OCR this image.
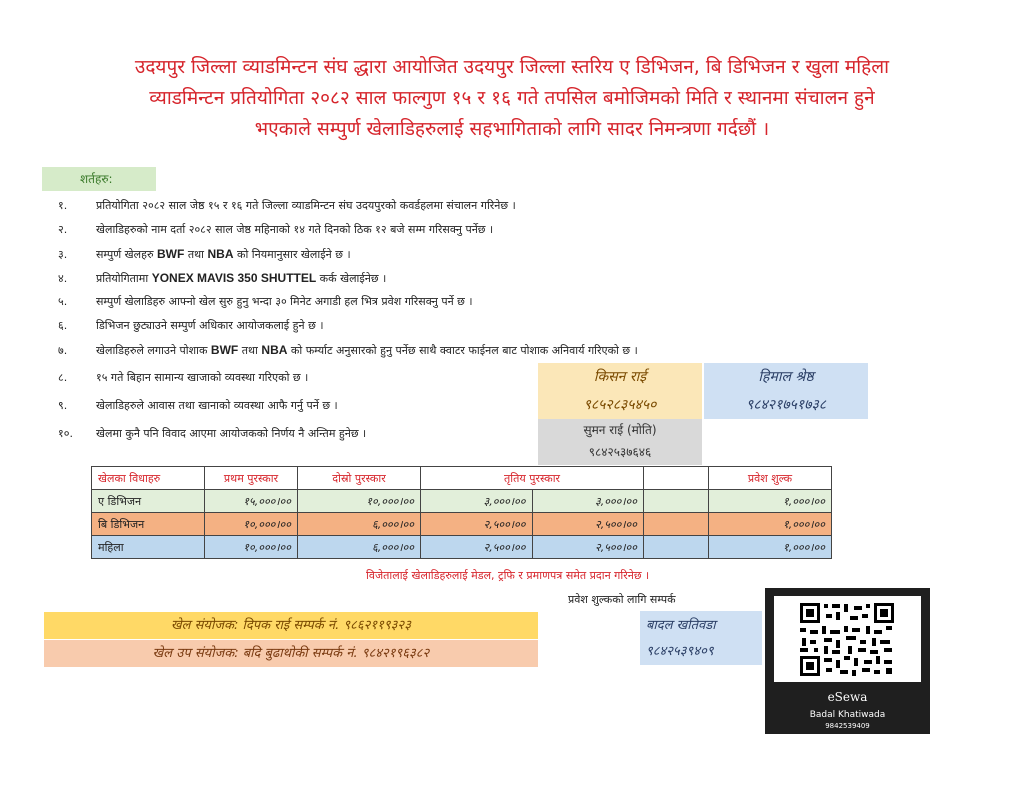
उदयपुर जिल्ला व्याडमिन्टन संघ द्धारा आयोजित उदयपुर जिल्ला स्तरिय ए डिभिजन, बि डिभिजन र खुला महिला
व्याडमिन्टन प्रतियोगिता २०८२ साल फाल्गुण १५ र १६ गते तपसिल बमोजिमको मिति र स्थानमा संचालन हुने
भएकाले सम्पुर्ण खेलाडिहरुलाई सहभागिताको लागि सादर निमन्त्रणा गर्दछौं ।
शर्तहरु:
१.	प्रतियोगिता २०८२ साल जेष्ठ १५ र १६ गते जिल्ला व्याडमिन्टन संघ उदयपुरको कवर्डहलमा संचालन गरिनेछ ।
२.	खेलाडिहरुको नाम दर्ता २०८२ साल जेष्ठ महिनाको १४ गते दिनको ठिक १२ बजे सम्म गरिसक्नु पर्नेछ ।
३.	सम्पुर्ण खेलहरु BWF तथा NBA को नियमानुसार खेलाईने छ ।
४.	प्रतियोगितामा YONEX MAVIS 350 SHUTTEL कर्क खेलाईनेछ ।
५.	सम्पुर्ण खेलाडिहरु आफ्नो खेल सुरु हुनु भन्दा ३० मिनेट अगाडी हल भित्र प्रवेश गरिसक्नु पर्ने छ ।
६.	डिभिजन छुट्याउने सम्पुर्ण अधिकार आयोजकलाई हुने छ ।
७.	खेलाडिहरुले लगाउने पोशाक BWF तथा NBA को फर्म्याट अनुसारको हुनु पर्नेछ साथै क्वाटर फाईनल बाट पोशाक अनिवार्य गरिएको छ ।
८.	१५ गते बिहान सामान्य खाजाको व्यवस्था गरिएको छ ।
९.	खेलाडिहरुले आवास तथा खानाको व्यवस्था आफै गर्नु पर्ने छ ।
१०. खेलमा कुनै पनि विवाद आएमा आयोजकको निर्णय नै अन्तिम हुनेछ ।
किसन राई
९८५२८३५४५०
हिमाल श्रेष्ठ
९८४२१७५१७३८
सुमन राई (मोति)
९८४२५३७६४६
खेलका विधाहरु	प्रथम पुरस्कार	दोस्रो पुरस्कार	तृतिय पुरस्कार			प्रवेश शुल्क
ए डिभिजन	१५,०००।००	१०,०००।००	३,०००।००	३,०००।००		१,०००।००
बि डिभिजन	१०,०००।००	६,०००।००	२,५००।००	२,५००।००		१,०००।००
महिला	१०,०००।००	६,०००।००	२,५००।००	२,५००।००		१,०००।००
विजेतालाई खेलाडिहरुलाई मेडल, ट्रफि र प्रमाणपत्र समेत प्रदान गरिनेछ ।
प्रवेश शुल्कको लागि सम्पर्क
खेल संयोजक: दिपक राई सम्पर्क नं. ९८६२११९३२३
खेल उप संयोजक: बदि बुढाथोकी सम्पर्क नं. ९८४२१९६३८२
बादल खतिवडा
९८४२५३९४०९
eSewa
Badal Khatiwada
9842539409
